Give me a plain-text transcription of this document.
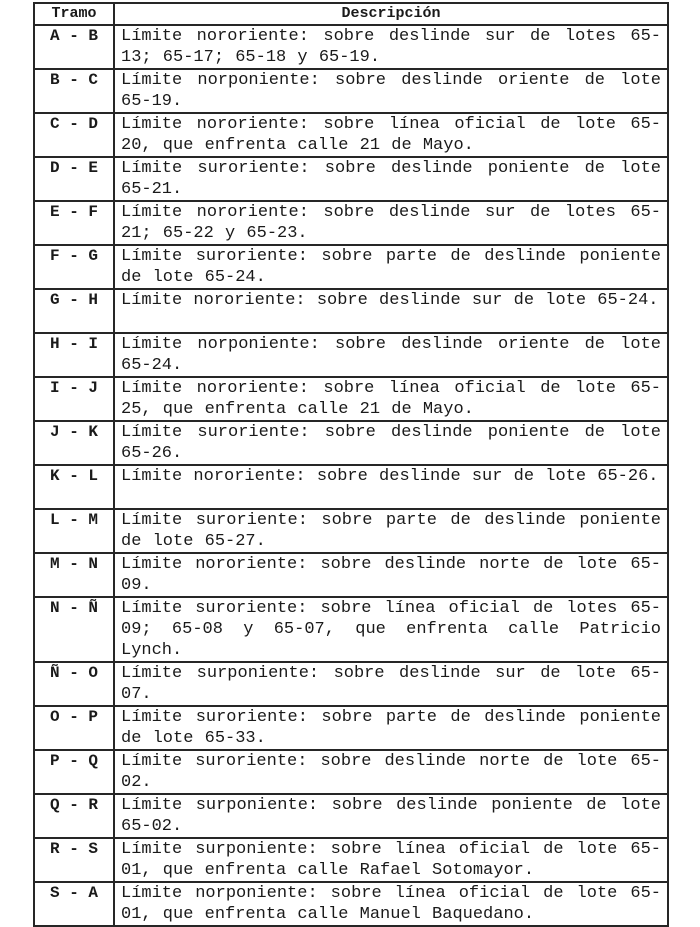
Tramo	Descripción
A - B	Límite nororiente: sobre deslinde sur de lotes 65-13; 65-17; 65-18 y 65-19.
B - C	Límite norponiente: sobre deslinde oriente de lote 65-19.
C - D	Límite nororiente: sobre línea oficial de lote 65-20, que enfrenta calle 21 de Mayo.
D - E	Límite suroriente: sobre deslinde poniente de lote 65-21.
E - F	Límite nororiente: sobre deslinde sur de lotes 65-21; 65-22 y 65-23.
F - G	Límite suroriente: sobre parte de deslinde poniente de lote 65-24.
G - H	Límite nororiente: sobre deslinde sur de lote 65-24.
H - I	Límite norponiente: sobre deslinde oriente de lote 65-24.
I - J	Límite nororiente: sobre línea oficial de lote 65-25, que enfrenta calle 21 de Mayo.
J - K	Límite suroriente: sobre deslinde poniente de lote 65-26.
K - L	Límite nororiente: sobre deslinde sur de lote 65-26.
L - M	Límite suroriente: sobre parte de deslinde poniente de lote 65-27.
M - N	Límite nororiente: sobre deslinde norte de lote 65-09.
N - Ñ	Límite suroriente: sobre línea oficial de lotes 65-09; 65-08 y 65-07, que enfrenta calle Patricio Lynch.
Ñ - O	Límite surponiente: sobre deslinde sur de lote 65-07.
O - P	Límite suroriente: sobre parte de deslinde poniente de lote 65-33.
P - Q	Límite suroriente: sobre deslinde norte de lote 65-02.
Q - R	Límite surponiente: sobre deslinde poniente de lote 65-02.
R - S	Límite surponiente: sobre línea oficial de lote 65-01, que enfrenta calle Rafael Sotomayor.
S - A	Límite norponiente: sobre línea oficial de lote 65-01, que enfrenta calle Manuel Baquedano.
